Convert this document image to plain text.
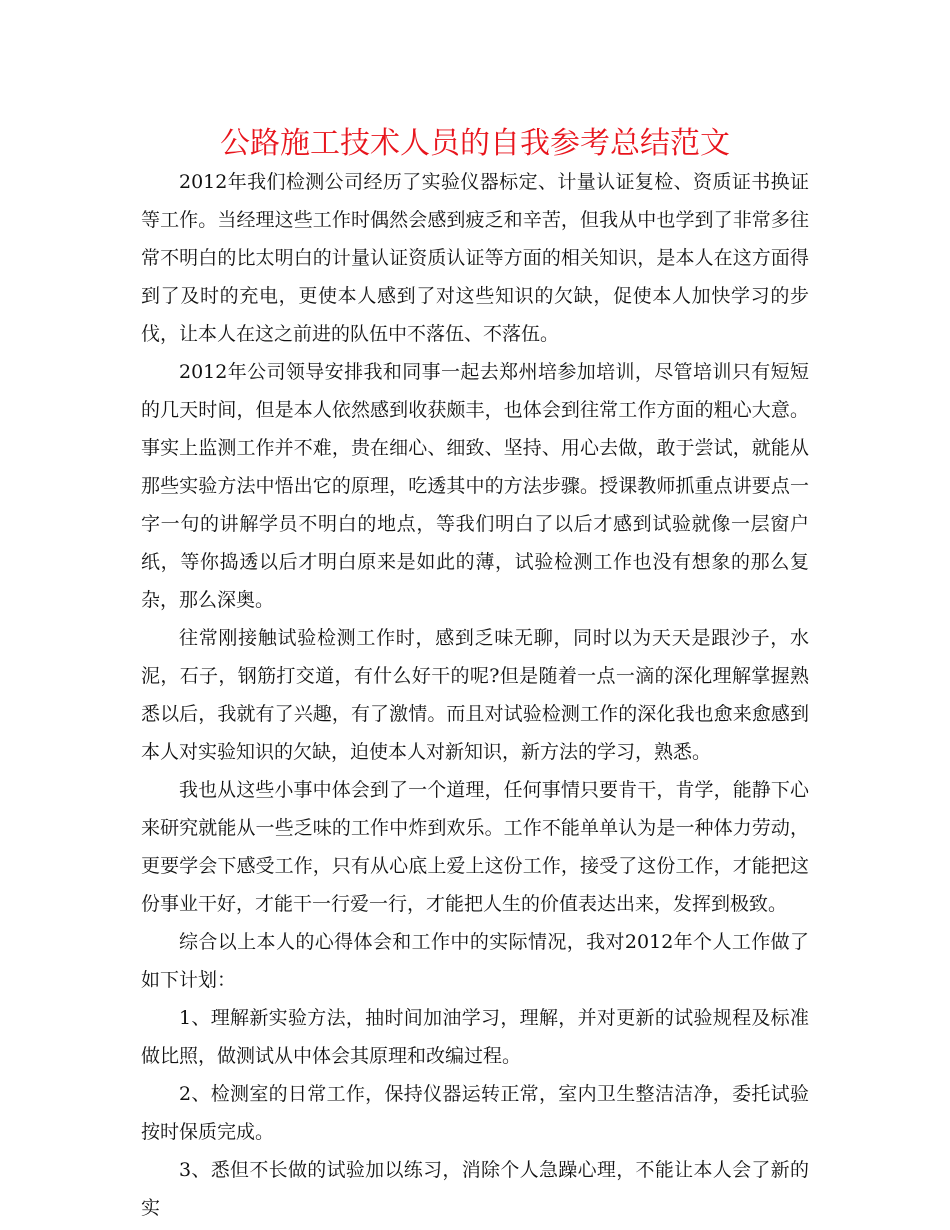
公路施工技术人员的自我参考总结范文

2012年我们检测公司经历了实验仪器标定、计量认证复检、资质证书换证等工作。当经理这些工作时偶然会感到疲乏和辛苦，但我从中也学到了非常多往常不明白的比太明白的计量认证资质认证等方面的相关知识，是本人在这方面得到了及时的充电，更使本人感到了对这些知识的欠缺，促使本人加快学习的步伐，让本人在这之前进的队伍中不落伍、不落伍。

2012年公司领导安排我和同事一起去郑州培参加培训，尽管培训只有短短的几天时间，但是本人依然感到收获颇丰，也体会到往常工作方面的粗心大意。事实上监测工作并不难，贵在细心、细致、坚持、用心去做，敢于尝试，就能从那些实验方法中悟出它的原理，吃透其中的方法步骤。授课教师抓重点讲要点一字一句的讲解学员不明白的地点，等我们明白了以后才感到试验就像一层窗户纸，等你捣透以后才明白原来是如此的薄，试验检测工作也没有想象的那么复杂，那么深奥。

往常刚接触试验检测工作时，感到乏味无聊，同时以为天天是跟沙子，水泥，石子，钢筋打交道，有什么好干的呢?但是随着一点一滴的深化理解掌握熟悉以后，我就有了兴趣，有了激情。而且对试验检测工作的深化我也愈来愈感到本人对实验知识的欠缺，迫使本人对新知识，新方法的学习，熟悉。

我也从这些小事中体会到了一个道理，任何事情只要肯干，肯学，能静下心来研究就能从一些乏味的工作中炸到欢乐。工作不能单单认为是一种体力劳动，更要学会下感受工作，只有从心底上爱上这份工作，接受了这份工作，才能把这份事业干好，才能干一行爱一行，才能把人生的价值表达出来，发挥到极致。

综合以上本人的心得体会和工作中的实际情况，我对2012年个人工作做了如下计划：

1、理解新实验方法，抽时间加油学习，理解，并对更新的试验规程及标准做比照，做测试从中体会其原理和改编过程。

2、检测室的日常工作，保持仪器运转正常，室内卫生整洁洁净，委托试验按时保质完成。

3、悉但不长做的试验加以练习，消除个人急躁心理，不能让本人会了新的实
